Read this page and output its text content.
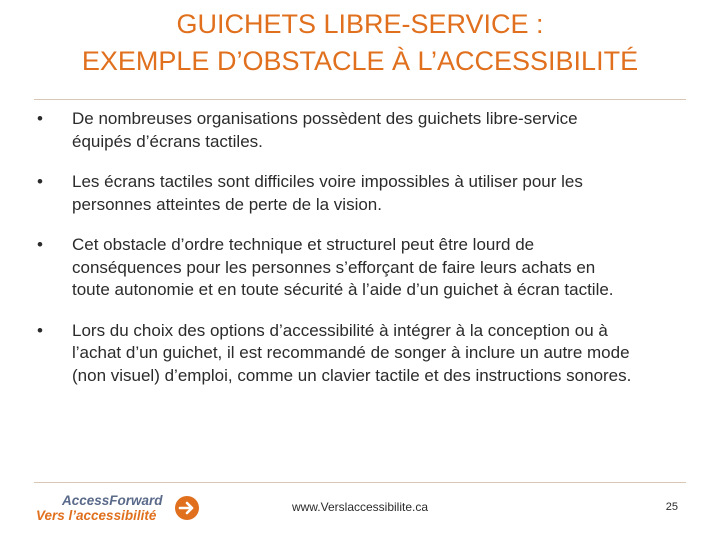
GUICHETS LIBRE-SERVICE :
EXEMPLE D’OBSTACLE À L’ACCESSIBILITÉ
•	De nombreuses organisations possèdent des guichets libre-service
équipés d’écrans tactiles.
•	Les écrans tactiles sont difficiles voire impossibles à utiliser pour les
personnes atteintes de perte de la vision.
•	Cet obstacle d’ordre technique et structurel peut être lourd de
conséquences pour les personnes s’efforçant de faire leurs achats en
toute autonomie et en toute sécurité à l’aide d’un guichet à écran tactile.
•	Lors du choix des options d’accessibilité à intégrer à la conception ou à
l’achat d’un guichet, il est recommandé de songer à inclure un autre mode
(non visuel) d’emploi, comme un clavier tactile et des instructions sonores.
AccessForward
Vers l’accessibilité
www.Verslaccessibilite.ca	25
